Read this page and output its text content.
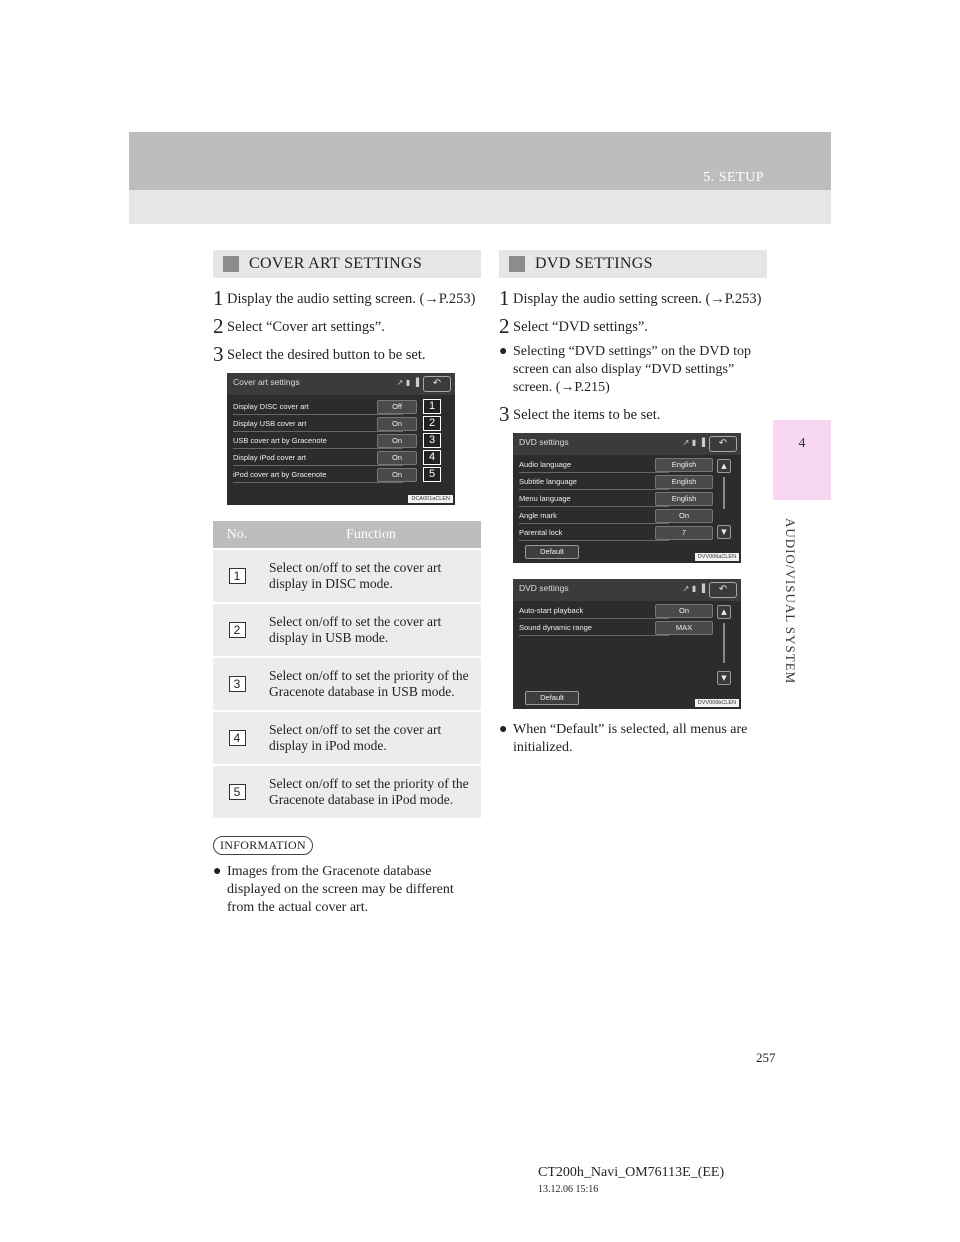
5. SETUP
4
AUDIO/VISUAL SYSTEM
COVER ART SETTINGS
1 Display the audio setting screen. (→P.253)
2 Select “Cover art settings”.
3 Select the desired button to be set.
Cover art settings	↗ ▮ ▐	↶
Display DISC cover art	Off	1
Display USB cover art	On	2
USB cover art by Gracenote	On	3
Display iPod cover art	On	4
iPod cover art by Gracenote	On	5
DCA001aCLEN
No.	Function
1	Select on/off to set the cover art display in DISC mode.
2	Select on/off to set the cover art display in USB mode.
3	Select on/off to set the priority of the Gracenote database in USB mode.
4	Select on/off to set the cover art display in iPod mode.
5	Select on/off to set the priority of the Gracenote database in iPod mode.
INFORMATION
● Images from the Gracenote database displayed on the screen may be different from the actual cover art.
DVD SETTINGS
1 Display the audio setting screen. (→P.253)
2 Select “DVD settings”.
● Selecting “DVD settings” on the DVD top screen can also display “DVD settings” screen. (→P.215)
3 Select the items to be set.
DVD settings	↗ ▮ ▐	↶
Audio language	English
Subtitle language	English
Menu language	English
Angle mark	On
Parental lock	7
▲
▼
Default
DVV006aCLEN
DVD settings	↗ ▮ ▐	↶
Auto-start playback	On
Sound dynamic range	MAX
▲
▼
Default
DVV006bCLEN
● When “Default” is selected, all menus are initialized.
257
CT200h_Navi_OM76113E_(EE)
13.12.06 15:16
